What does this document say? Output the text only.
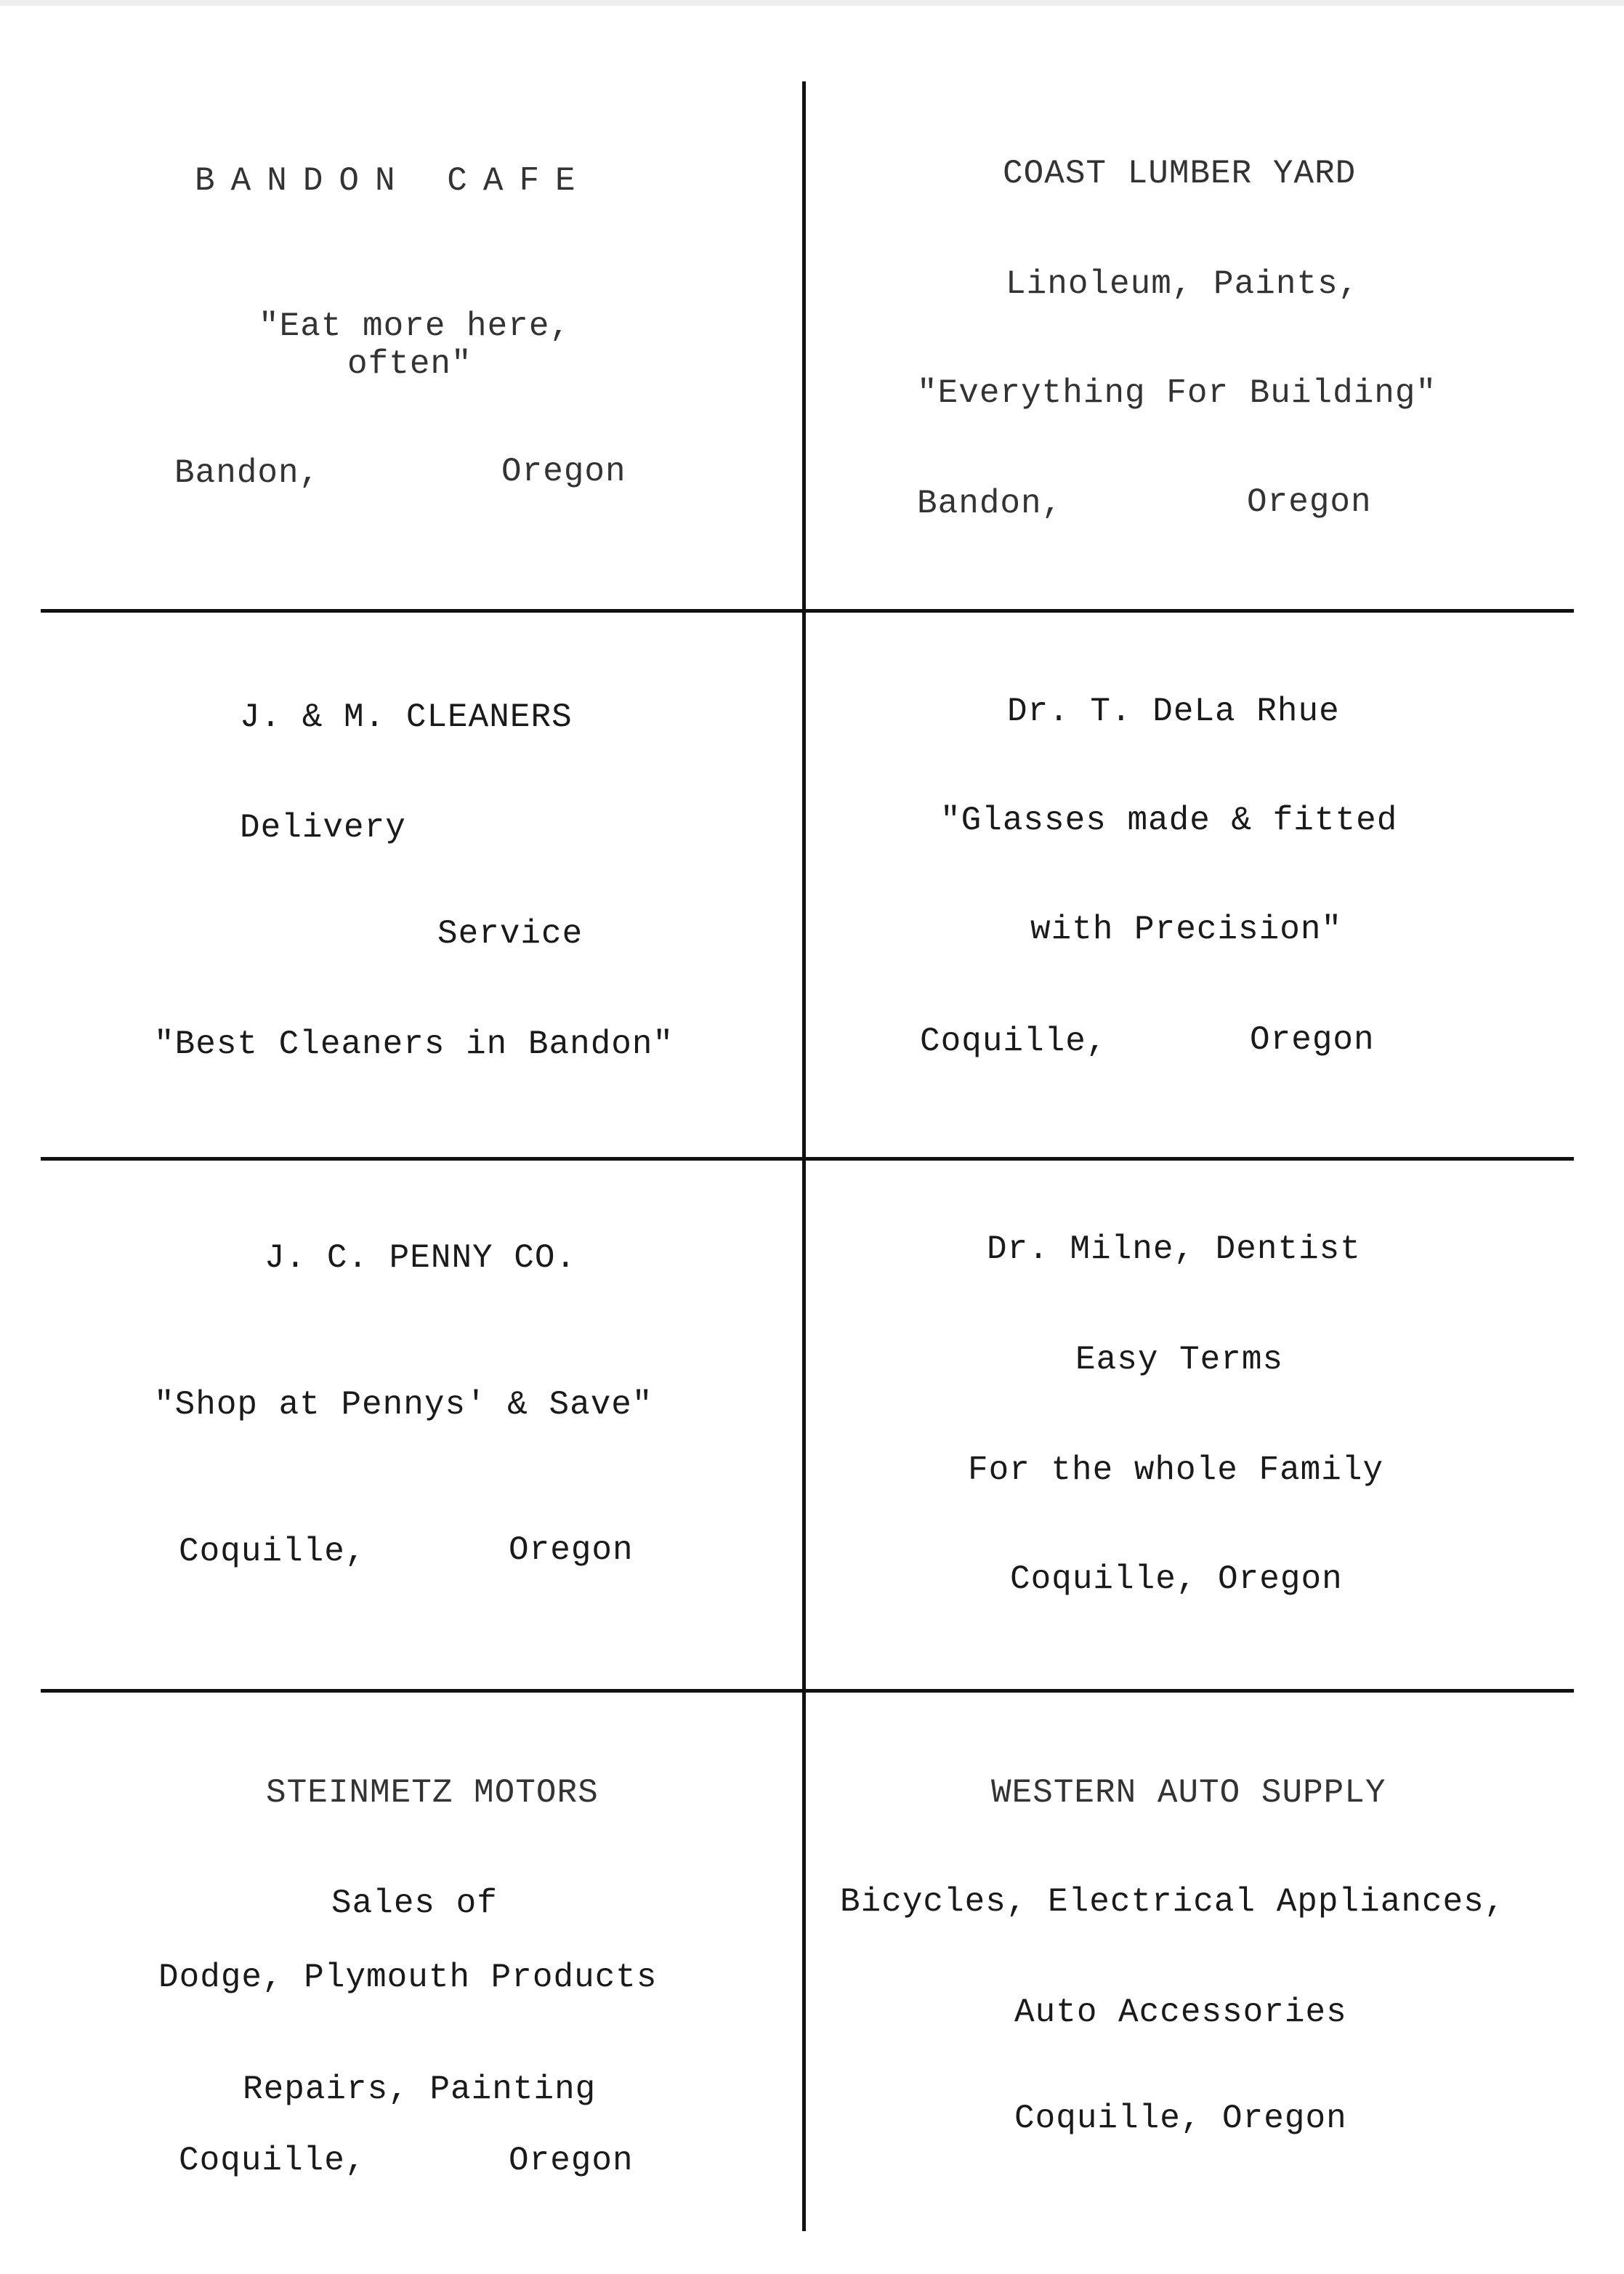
BANDON CAFE
"Eat more here,
often"
Bandon,	Oregon
COAST LUMBER YARD
Linoleum, Paints,
"Everything For Building"
Bandon,	Oregon
J. & M. CLEANERS
Delivery
Service
"Best Cleaners in Bandon"
Dr. T. DeLa Rhue
"Glasses made & fitted
with Precision"
Coquille,	Oregon
J. C. PENNY CO.
"Shop at Pennys' & Save"
Coquille,	Oregon
Dr. Milne, Dentist
Easy Terms
For the whole Family
Coquille, Oregon
STEINMETZ MOTORS
Sales of
Dodge, Plymouth Products
Repairs, Painting
Coquille,	Oregon
WESTERN AUTO SUPPLY
Bicycles, Electrical Appliances,
Auto Accessories
Coquille, Oregon
